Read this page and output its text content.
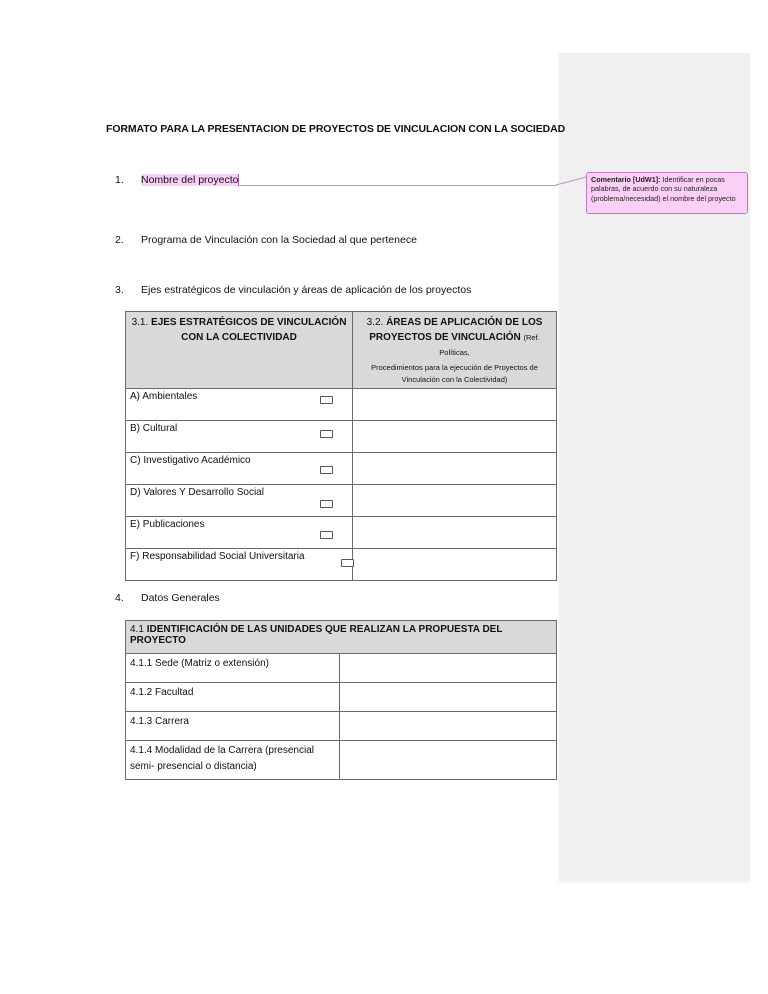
FORMATO PARA LA PRESENTACION DE PROYECTOS DE VINCULACION CON LA SOCIEDAD
1. Nombre del proyecto	Comentario [UdW1]: Identificar en pocas palabras, de acuerdo con su naturaleza (problema/necesidad) el nombre del proyecto
2. Programa de Vinculación con la Sociedad al que pertenece
3. Ejes estratégicos de vinculación y áreas de aplicación de los proyectos
3.1. EJES ESTRATÉGICOS DE VINCULACIÓN CON LA COLECTIVIDAD	3.2. ÁREAS DE APLICACIÓN DE LOS PROYECTOS DE VINCULACIÓN (Ref. Políticas,
Procedimientos para la ejecución de Proyectos de Vinculación con la Colectividad)

A) Ambientales

B) Cultural

C) Investigativo Académico

D) Valores Y Desarrollo Social

E) Publicaciones

F) Responsabilidad Social Universitaria

4. Datos Generales
4.1 IDENTIFICACIÓN DE LAS UNIDADES QUE REALIZAN LA PROPUESTA DEL PROYECTO	
4.1.1 Sede (Matriz o extensión)	
4.1.2 Facultad	
4.1.3 Carrera	
4.1.4 Modalidad de la Carrera (presencial semi- presencial o distancia)	
